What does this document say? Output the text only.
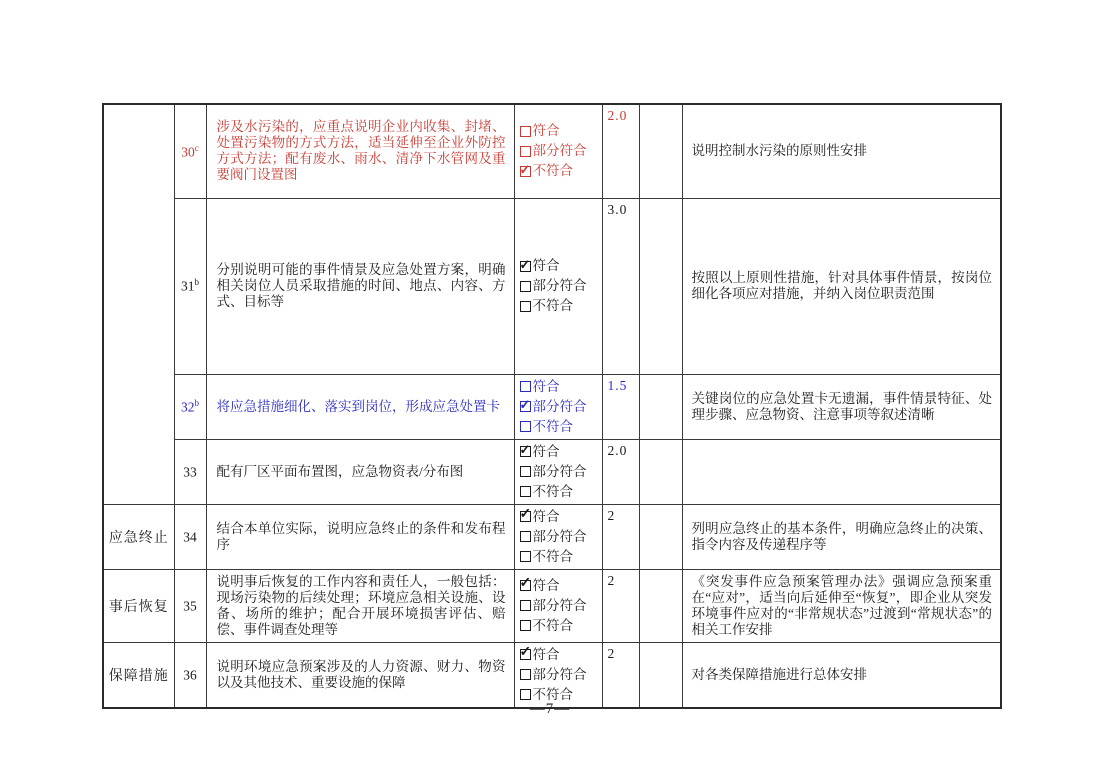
	30$^c$	涉及水污染的，应重点说明企业内收集、封堵、处置污染物的方式方法，适当延伸至企业外防控方式方法；配有废水、雨水、清净下水管网及重要阀门设置图	符合
部分符合
✓
不符合	2.0		说明控制水污染的原则性安排
	31$^b$	分别说明可能的事件情景及应急处置方案，明确相关岗位人员采取措施的时间、地点、内容、方式、目标等	
✓
符合
部分符合
不符合	3.0		按照以上原则性措施，针对具体事件情景，按岗位细化各项应对措施，并纳入岗位职责范围
	32$^b$	将应急措施细化、落实到岗位，形成应急处置卡	符合
✓
部分符合
不符合	1.5		关键岗位的应急处置卡无遗漏，事件情景特征、处理步骤、应急物资、注意事项等叙述清晰
	33	配有厂区平面布置图，应急物资表/分布图	
✓
符合
部分符合
不符合	2.0		
应急终止	34	结合本单位实际，说明应急终止的条件和发布程序	
✓
符合
部分符合
不符合	2		列明应急终止的基本条件，明确应急终止的决策、指令内容及传递程序等
事后恢复	35	说明事后恢复的工作内容和责任人，一般包括：现场污染物的后续处理；环境应急相关设施、设备、场所的维护；配合开展环境损害评估、赔偿、事件调查处理等	
✓
符合
部分符合
不符合	2		《突发事件应急预案管理办法》强调应急预案重在“应对”，适当向后延伸至“恢复”，即企业从突发环境事件应对的“非常规状态”过渡到“常规状态”的相关工作安排
保障措施	36	说明环境应急预案涉及的人力资源、财力、物资以及其他技术、重要设施的保障	
✓
符合
部分符合
不符合	2		对各类保障措施进行总体安排
—7—
